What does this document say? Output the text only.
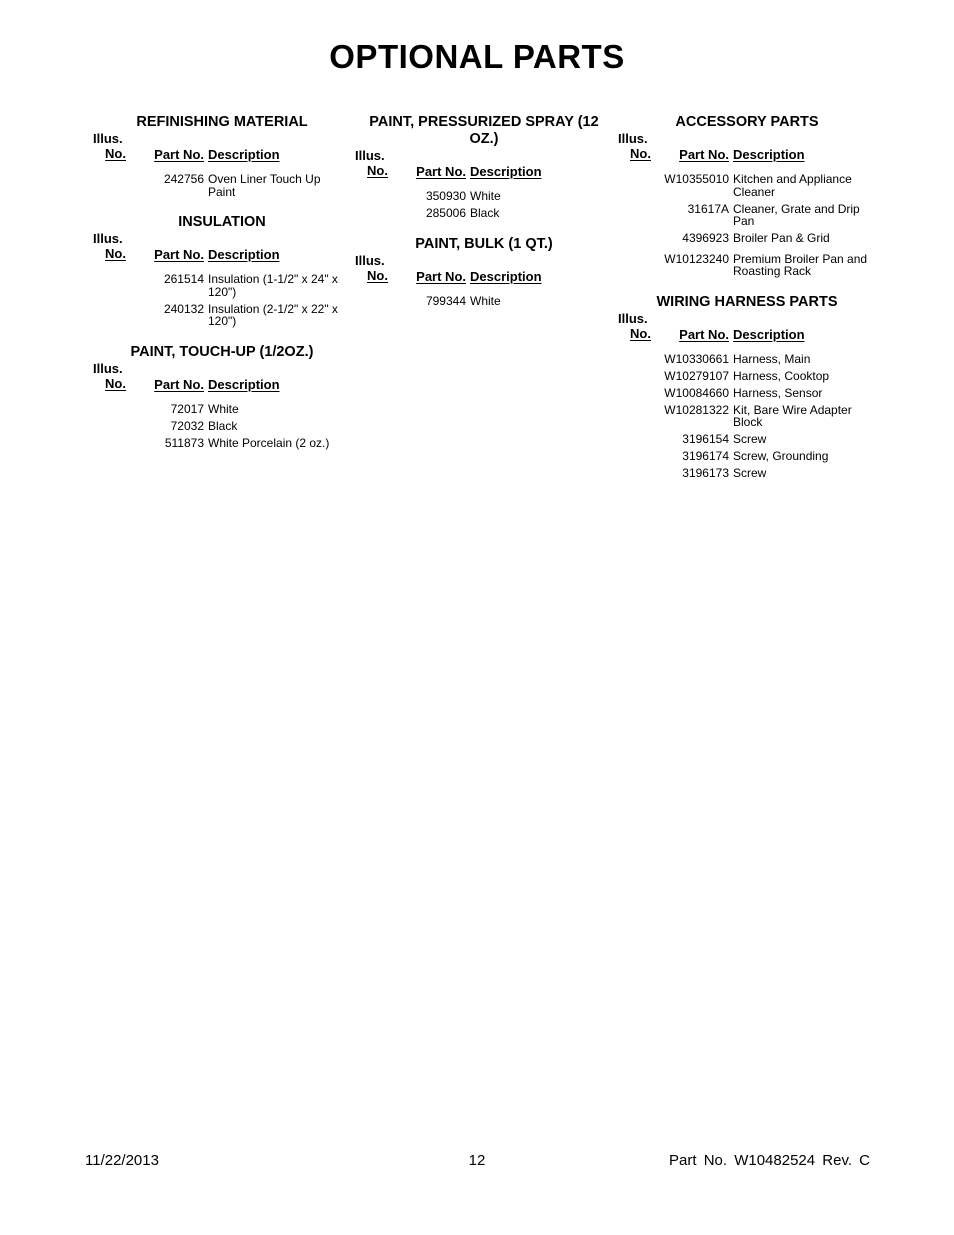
OPTIONAL PARTS
REFINISHING MATERIAL
Illus.
No. Part No. Description
242756 Oven Liner Touch Up Paint
INSULATION
Illus.
No. Part No. Description
261514 Insulation (1-1/2" x 24" x 120")
240132 Insulation (2-1/2" x 22" x 120")
PAINT, TOUCH-UP (1/2OZ.)
Illus.
No. Part No. Description
72017 White
72032 Black
511873 White Porcelain (2 oz.)
PAINT, PRESSURIZED SPRAY (12 OZ.)
Illus.
No. Part No. Description
350930 White
285006 Black
PAINT, BULK (1 QT.)
Illus.
No. Part No. Description
799344 White
ACCESSORY PARTS
Illus.
No. Part No. Description
W10355010 Kitchen and Appliance Cleaner
31617A Cleaner, Grate and Drip Pan
4396923 Broiler Pan & Grid
W10123240 Premium Broiler Pan and Roasting Rack
WIRING HARNESS PARTS
Illus.
No. Part No. Description
W10330661 Harness, Main
W10279107 Harness, Cooktop
W10084660 Harness, Sensor
W10281322 Kit, Bare Wire Adapter Block
3196154 Screw
3196174 Screw, Grounding
3196173 Screw
11/22/2013	12	Part No. W10482524 Rev. C
